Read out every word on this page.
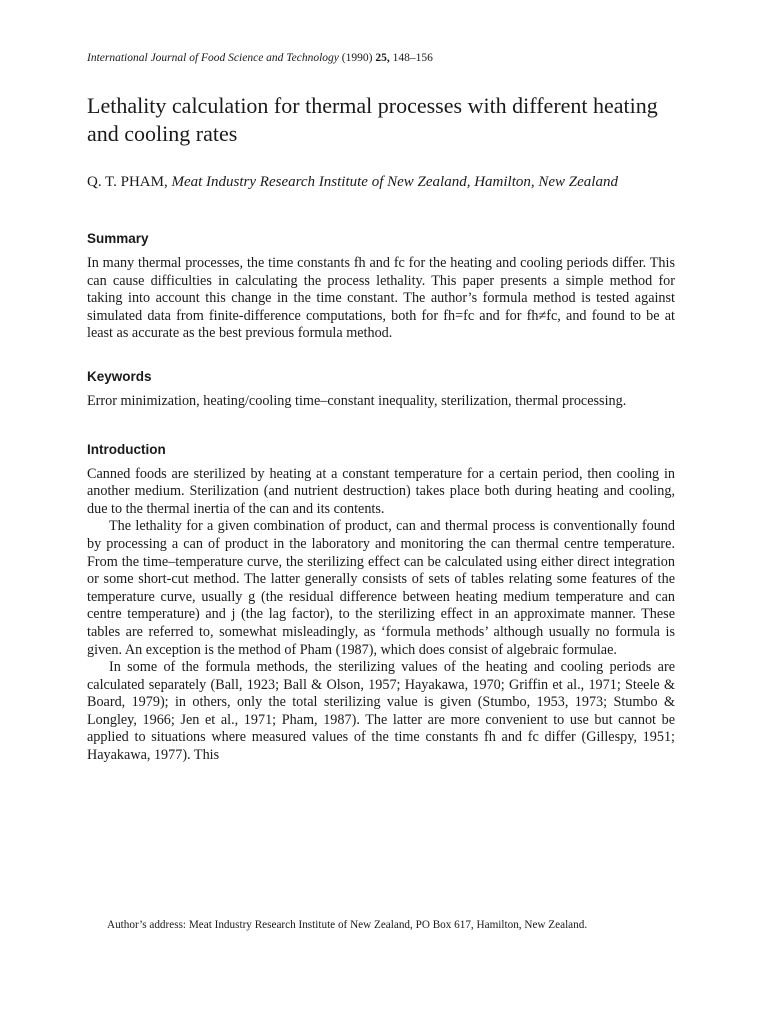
International Journal of Food Science and Technology (1990) 25, 148–156

Lethality calculation for thermal processes with different heating and cooling rates

Q. T. PHAM, Meat Industry Research Institute of New Zealand, Hamilton, New Zealand

Summary

In many thermal processes, the time constants fh and fc for the heating and cooling periods differ. This can cause difficulties in calculating the process lethality. This paper presents a simple method for taking into account this change in the time constant. The author’s formula method is tested against simulated data from finite-difference computations, both for fh=fc and for fh≠fc, and found to be at least as accurate as the best previous formula method.

Keywords

Error minimization, heating/cooling time–constant inequality, sterilization, thermal processing.

Introduction

Canned foods are sterilized by heating at a constant temperature for a certain period, then cooling in another medium. Sterilization (and nutrient destruction) takes place both during heating and cooling, due to the thermal inertia of the can and its contents.

The lethality for a given combination of product, can and thermal process is conventionally found by processing a can of product in the laboratory and monitoring the can thermal centre temperature. From the time–temperature curve, the sterilizing effect can be calculated using either direct integration or some short-cut method. The latter generally consists of sets of tables relating some features of the temperature curve, usually g (the residual difference between heating medium temperature and can centre temperature) and j (the lag factor), to the sterilizing effect in an approximate manner. These tables are referred to, somewhat misleadingly, as ‘formula methods’ although usually no formula is given. An exception is the method of Pham (1987), which does consist of algebraic formulae.

In some of the formula methods, the sterilizing values of the heating and cooling periods are calculated separately (Ball, 1923; Ball & Olson, 1957; Hayakawa, 1970; Griffin et al., 1971; Steele & Board, 1979); in others, only the total sterilizing value is given (Stumbo, 1953, 1973; Stumbo & Longley, 1966; Jen et al., 1971; Pham, 1987). The latter are more convenient to use but cannot be applied to situations where measured values of the time constants fh and fc differ (Gillespy, 1951; Hayakawa, 1977). This

Author’s address: Meat Industry Research Institute of New Zealand, PO Box 617, Hamilton, New Zealand.
